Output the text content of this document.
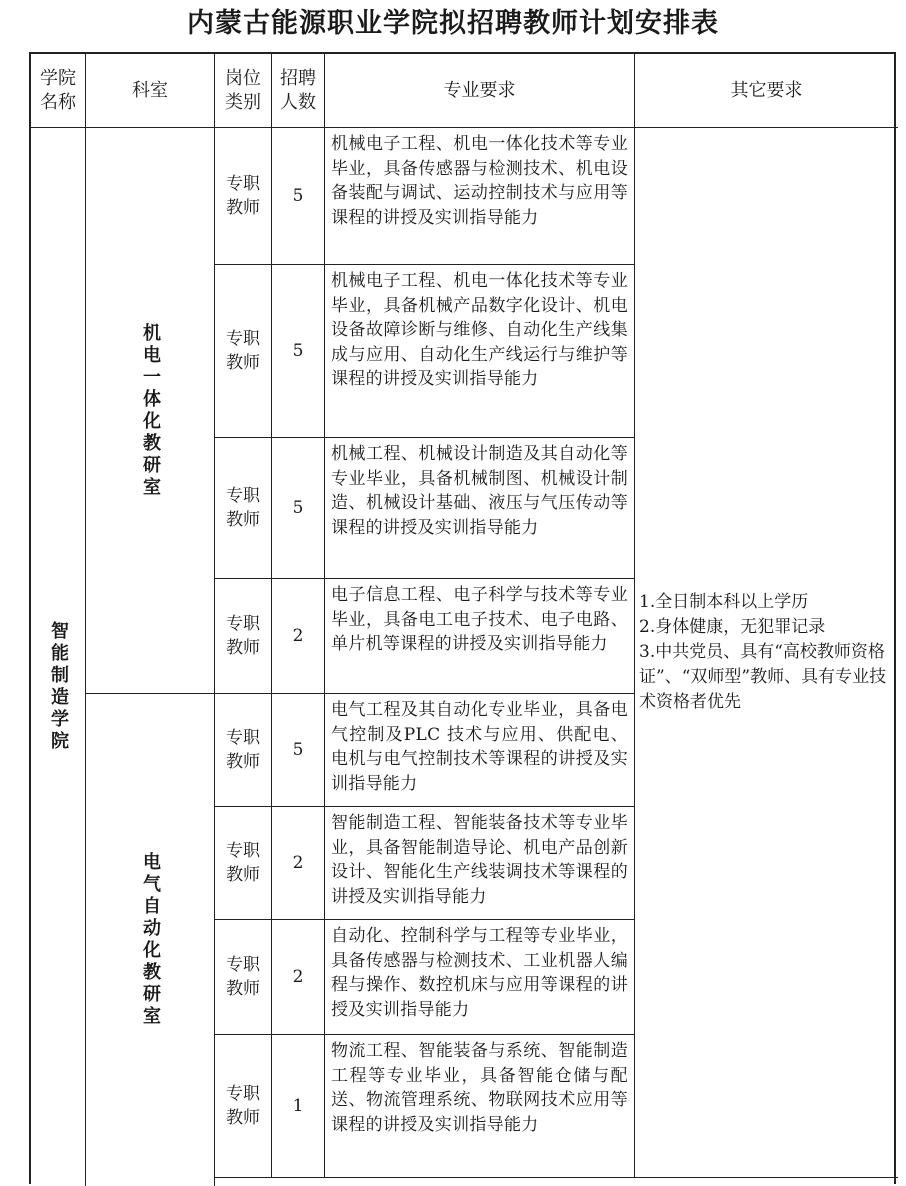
内蒙古能源职业学院拟招聘教师计划安排表
学院
名称
科室
岗位
类别
招聘
人数
专业要求	其它要求
智能制造学院
机电一体化教研室
电气自动化教研室
专职教师
5
机械电子工程、机电一体化技术等专业毕业，具备传感器与检测技术、机电设备装配与调试、运动控制技术与应用等课程的讲授及实训指导能力
专职教师
5
机械电子工程、机电一体化技术等专业毕业，具备机械产品数字化设计、机电设备故障诊断与维修、自动化生产线集成与应用、自动化生产线运行与维护等课程的讲授及实训指导能力
专职教师
5
机械工程、机械设计制造及其自动化等专业毕业，具备机械制图、机械设计制造、机械设计基础、液压与气压传动等课程的讲授及实训指导能力
专职教师
2
电子信息工程、电子科学与技术等专业毕业，具备电工电子技术、电子电路、单片机等课程的讲授及实训指导能力
专职教师
5
电气工程及其自动化专业毕业，具备电气控制及PLC 技术与应用、供配电、电机与电气控制技术等课程的讲授及实训指导能力
专职教师
2
智能制造工程、智能装备技术等专业毕业，具备智能制造导论、机电产品创新设计、智能化生产线装调技术等课程的讲授及实训指导能力
专职教师
2
自动化、控制科学与工程等专业毕业，具备传感器与检测技术、工业机器人编程与操作、数控机床与应用等课程的讲授及实训指导能力
专职教师
1
物流工程、智能装备与系统、智能制造工程等专业毕业，具备智能仓储与配送、物流管理系统、物联网技术应用等课程的讲授及实训指导能力
1.全日制本科以上学历
2.身体健康，无犯罪记录
3.中共党员、具有“高校教师资格证”、“双师型”教师、具有专业技术资格者优先
